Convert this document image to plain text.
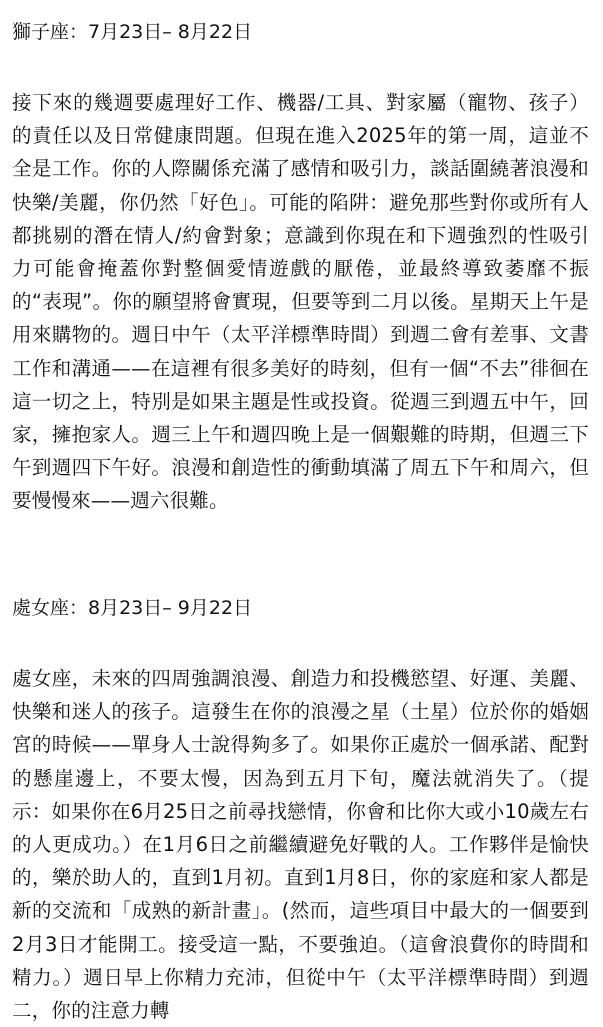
獅子座：7月23日– 8月22日

接下來的幾週要處理好工作、機器/工具、對家屬（寵物、孩子）的責任以及日常健康問題。但現在進入2025年的第一周，這並不全是工作。你的人際關係充滿了感情和吸引力，談話圍繞著浪漫和快樂/美麗，你仍然「好色」。可能的陷阱：避免那些對你或所有人都挑剔的潛在情人/約會對象；意識到你現在和下週強烈的性吸引力可能會掩蓋你對整個愛情遊戲的厭倦，並最終導致萎靡不振的“表現”。你的願望將會實現，但要等到二月以後。星期天上午是用來購物的。週日中午（太平洋標準時間）到週二會有差事、文書工作和溝通——在這裡有很多美好的時刻，但有一個“不去”徘徊在這一切之上，特別是如果主題是性或投資。從週三到週五中午，回家，擁抱家人。週三上午和週四晚上是一個艱難的時期，但週三下午到週四下午好。浪漫和創造性的衝動填滿了周五下午和周六，但要慢慢來——週六很難。

處女座：8月23日– 9月22日

處女座，未來的四周強調浪漫、創造力和投機慾望、好運、美麗、快樂和迷人的孩子。這發生在你的浪漫之星（土星）位於你的婚姻宮的時候——單身人士說得夠多了。如果你正處於一個承諾、配對的懸崖邊上，不要太慢，因為到五月下旬，魔法就消失了。（提示：如果你在6月25日之前尋找戀情，你會和比你大或小10歲左右的人更成功。）在1月6日之前繼續避免好戰的人。工作夥伴是愉快的，樂於助人的，直到1月初。直到1月8日，你的家庭和家人都是新的交流和「成熟的新計畫」。(然而，這些項目中最大的一個要到2月3日才能開工。接受這一點，不要強迫。（這會浪費你的時間和精力。）週日早上你精力充沛，但從中午（太平洋標準時間）到週二，你的注意力轉
